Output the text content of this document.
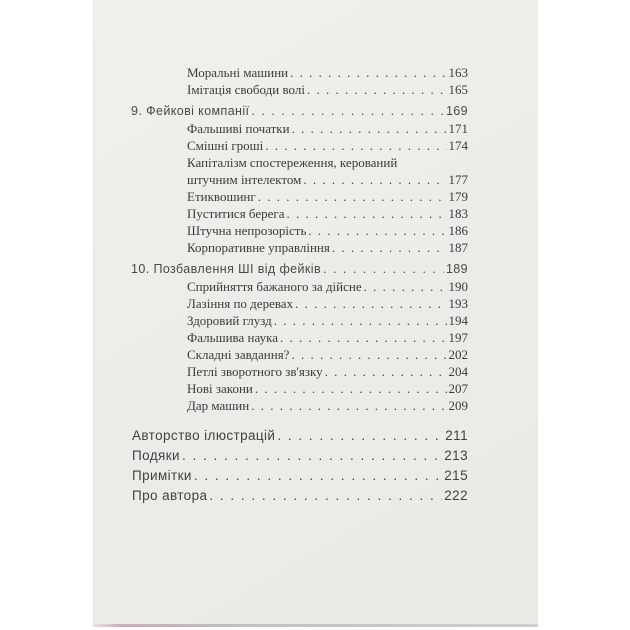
Моральні машини . . .	163
Імітація свободи волі . . .	165
9. Фейкові компанії . . .	169
Фальшиві початки . . .	171
Смішні гроші . . .	174
Капіталізм спостереження, керований
штучним інтелектом . . .	177
Етиквошинг . . .	179
Пуститися берега . . .	183
Штучна непрозорість . . .	186
Корпоративне управління . . .	187
10. Позбавлення ШІ від фейків . . .	189
Сприйняття бажаного за дійсне . . .	190
Лазіння по деревах . . .	193
Здоровий глузд . . .	194
Фальшива наука . . .	197
Складні завдання? . . .	202
Петлі зворотного зв'язку . . .	204
Нові закони . . .	207
Дар машин . . .	209
Авторство ілюстрацій . . .	211
Подяки . . .	213
Примітки . . .	215
Про автора . . .	222
